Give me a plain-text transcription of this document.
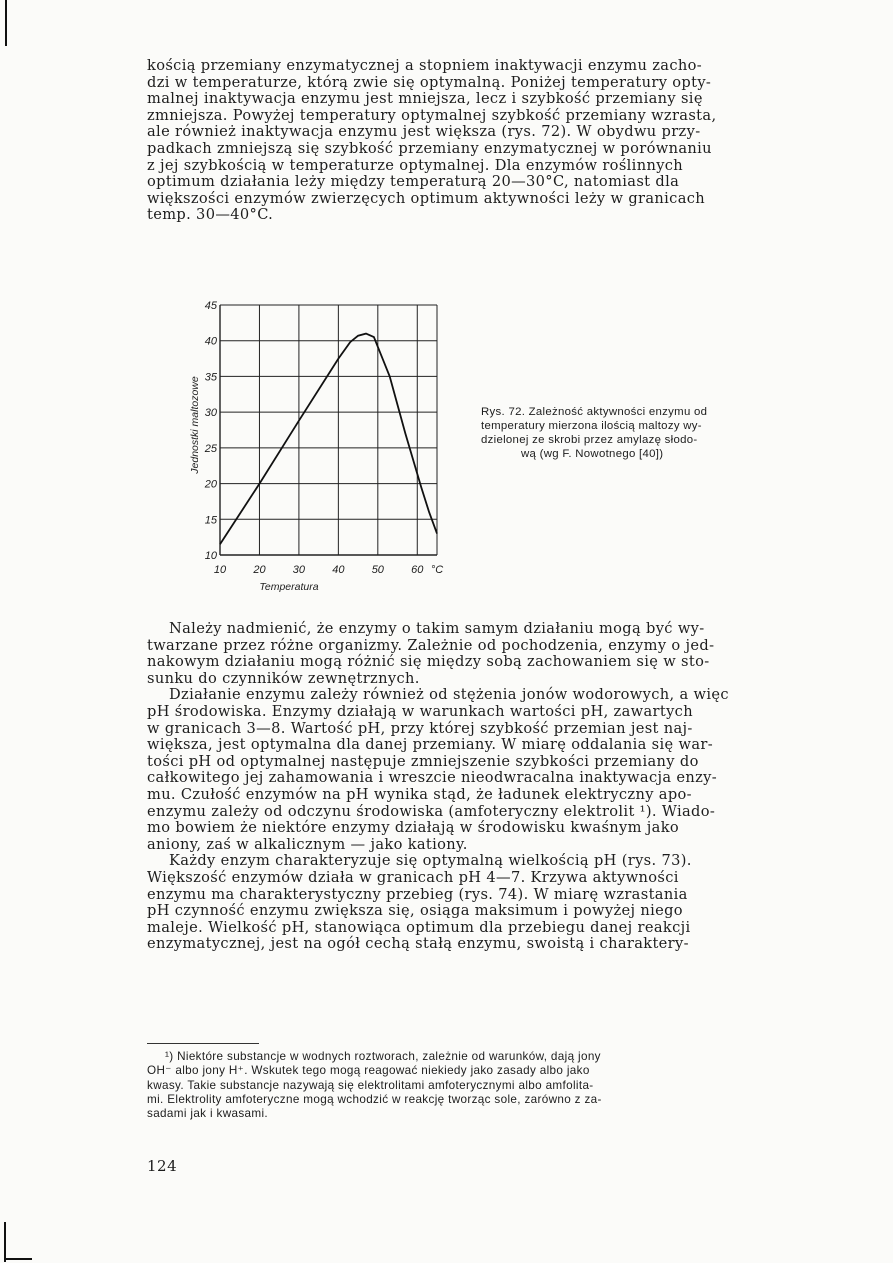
kością przemiany enzymatycznej a stopniem inaktywacji enzymu zacho-
dzi w temperaturze, którą zwie się optymalną. Poniżej temperatury opty-
malnej inaktywacja enzymu jest mniejsza, lecz i szybkość przemiany się
zmniejsza. Powyżej temperatury optymalnej szybkość przemiany wzrasta,
ale również inaktywacja enzymu jest większa (rys. 72). W obydwu przy-
padkach zmniejszą się szybkość przemiany enzymatycznej w porównaniu
z jej szybkością w temperaturze optymalnej. Dla enzymów roślinnych
optimum działania leży między temperaturą 20—30°C, natomiast dla
większości enzymów zwierzęcych optimum aktywności leży w granicach
temp. 30—40°C.

10
15
20
25
30
35
40
45
10 20 30 40 50 60 °C
Temperatura
Jednostki maltozowe	Rys. 72. Zależność aktywności enzymu od
temperatury mierzona ilością maltozy wy-
dzielonej ze skrobi przez amylazę słodo-
wą (wg F. Nowotnego [40])

Należy nadmienić, że enzymy o takim samym działaniu mogą być wy-
twarzane przez różne organizmy. Zależnie od pochodzenia, enzymy o jed-
nakowym działaniu mogą różnić się między sobą zachowaniem się w sto-
sunku do czynników zewnętrznych.
Działanie enzymu zależy również od stężenia jonów wodorowych, a więc
pH środowiska. Enzymy działają w warunkach wartości pH, zawartych
w granicach 3—8. Wartość pH, przy której szybkość przemian jest naj-
większa, jest optymalna dla danej przemiany. W miarę oddalania się war-
tości pH od optymalnej następuje zmniejszenie szybkości przemiany do
całkowitego jej zahamowania i wreszcie nieodwracalna inaktywacja enzy-
mu. Czułość enzymów na pH wynika stąd, że ładunek elektryczny apo-
enzymu zależy od odczynu środowiska (amfoteryczny elektrolit ¹). Wiado-
mo bowiem że niektóre enzymy działają w środowisku kwaśnym jako
aniony, zaś w alkalicznym — jako kationy.
Każdy enzym charakteryzuje się optymalną wielkością pH (rys. 73).
Większość enzymów działa w granicach pH 4—7. Krzywa aktywności
enzymu ma charakterystyczny przebieg (rys. 74). W miarę wzrastania
pH czynność enzymu zwiększa się, osiąga maksimum i powyżej niego
maleje. Wielkość pH, stanowiąca optimum dla przebiegu danej reakcji
enzymatycznej, jest na ogół cechą stałą enzymu, swoistą i charaktery-

¹) Niektóre substancje w wodnych roztworach, zależnie od warunków, dają jony
OH⁻ albo jony H⁺. Wskutek tego mogą reagować niekiedy jako zasady albo jako
kwasy. Takie substancje nazywają się elektrolitami amfoterycznymi albo amfolita-
mi. Elektrolity amfoteryczne mogą wchodzić w reakcję tworząc sole, zarówno z za-
sadami jak i kwasami.
124
